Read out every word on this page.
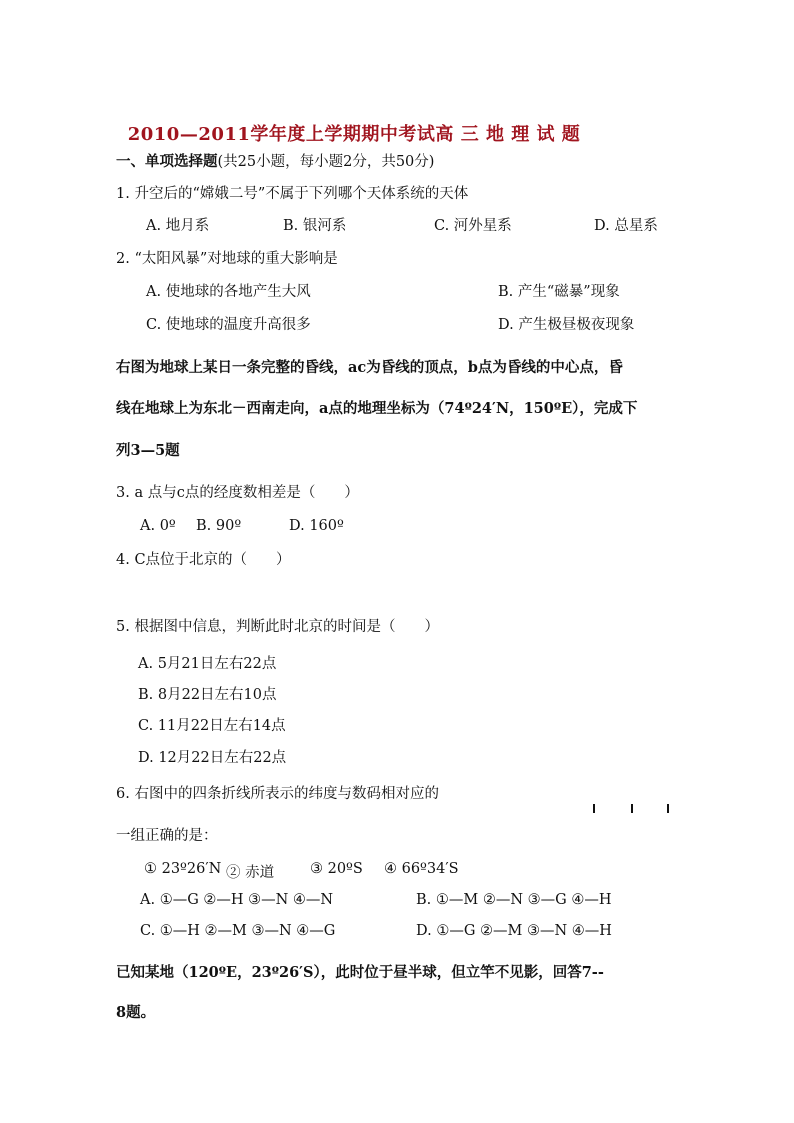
2010—2011学年度上学期期中考试高 三 地 理 试 题
一、单项选择题(共25小题，每小题2分，共50分)
1. 升空后的“嫦娥二号”不属于下列哪个天体系统的天体
A. 地月系	B. 银河系	C. 河外星系	D. 总星系
2. “太阳风暴”对地球的重大影响是
A. 使地球的各地产生大风	B. 产生“磁暴”现象
C. 使地球的温度升高很多	D. 产生极昼极夜现象
右图为地球上某日一条完整的昏线，ac为昏线的顶点，b点为昏线的中心点，昏
线在地球上为东北－西南走向，a点的地理坐标为（74º24′N，150ºE），完成下
列3—5题
3. a 点与c点的经度数相差是（　　）
A. 0º B. 90º	D. 160º
4. C点位于北京的（　　）
5. 根据图中信息，判断此时北京的时间是（　　）
A. 5月21日左右22点
B. 8月22日左右10点
C. 11月22日左右14点
D. 12月22日左右22点
6. 右图中的四条折线所表示的纬度与数码相对应的
一组正确的是：
① 23º26′N ② 赤道 ③ 20ºS ④ 66º34′S
A. ①—G ②—H ③—N ④—N	B. ①—M ②—N ③—G ④—H
C. ①—H ②—M ③—N ④—G	D. ①—G ②—M ③—N ④—H
已知某地（120ºE，23º26′S），此时位于昼半球，但立竿不见影，回答7--
8题。
